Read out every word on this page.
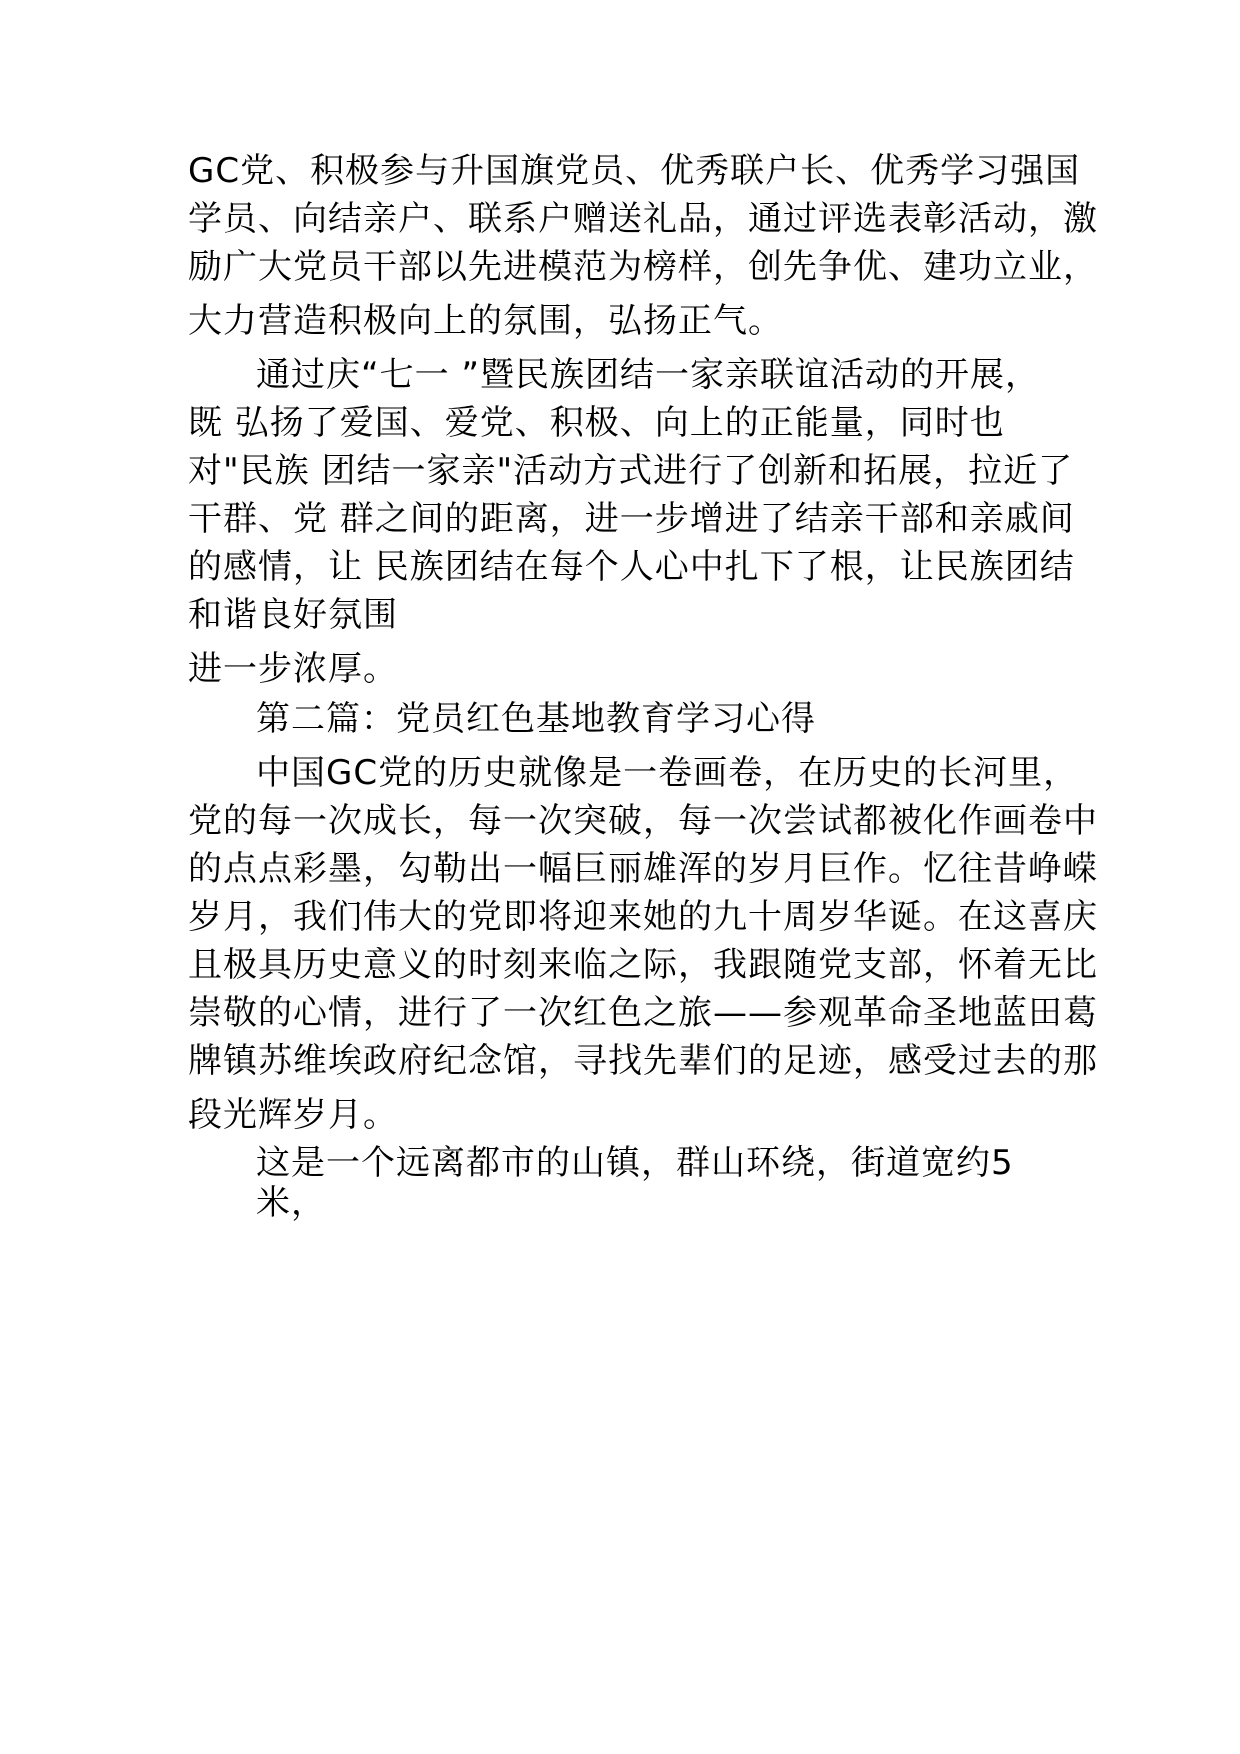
GC党、积极参与升国旗党员、优秀联户长、优秀学习强国

学员、向结亲户、联系户赠送礼品，通过评选表彰活动，激

励广大党员干部以先进模范为榜样，创先争优、建功立业，

大力营造积极向上的氛围，弘扬正气。

通过庆“七一 ”暨民族团结一家亲联谊活动的开展，

既 弘扬了爱国、爱党、积极、向上的正能量，同时也

对"民族 团结一家亲"活动方式进行了创新和拓展，拉近了

干群、党 群之间的距离，进一步增进了结亲干部和亲戚间

的感情，让 民族团结在每个人心中扎下了根，让民族团结

和谐良好氛围

进一步浓厚。

第二篇：党员红色基地教育学习心得

中国GC党的历史就像是一卷画卷，在历史的长河里，

党的每一次成长，每一次突破，每一次尝试都被化作画卷中

的点点彩墨，勾勒出一幅巨丽雄浑的岁月巨作。忆往昔峥嵘

岁月，我们伟大的党即将迎来她的九十周岁华诞。在这喜庆

且极具历史意义的时刻来临之际，我跟随党支部，怀着无比

崇敬的心情，进行了一次红色之旅——参观革命圣地蓝田葛

牌镇苏维埃政府纪念馆，寻找先辈们的足迹，感受过去的那

段光辉岁月。

这是一个远离都市的山镇，群山环绕，街道宽约5

米，
